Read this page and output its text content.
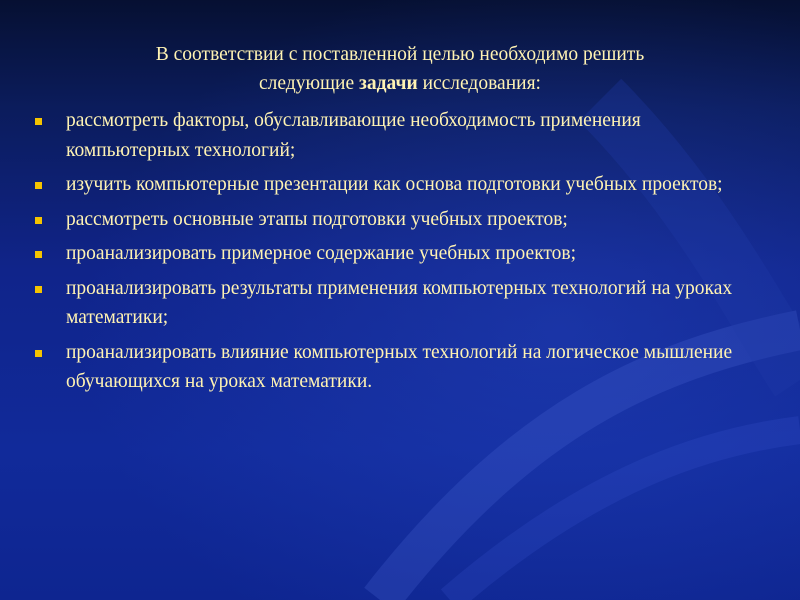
В соответствии с поставленной целью необходимо решить
следующие задачи исследования:
рассмотреть факторы, обуславливающие необходимость применения компьютерных технологий;
изучить компьютерные презентации как основа подготовки учебных проектов;
рассмотреть основные этапы подготовки учебных проектов;
проанализировать примерное содержание учебных проектов;
проанализировать результаты применения компьютерных технологий на уроках математики;
проанализировать влияние компьютерных технологий на логическое мышление обучающихся на уроках математики.
